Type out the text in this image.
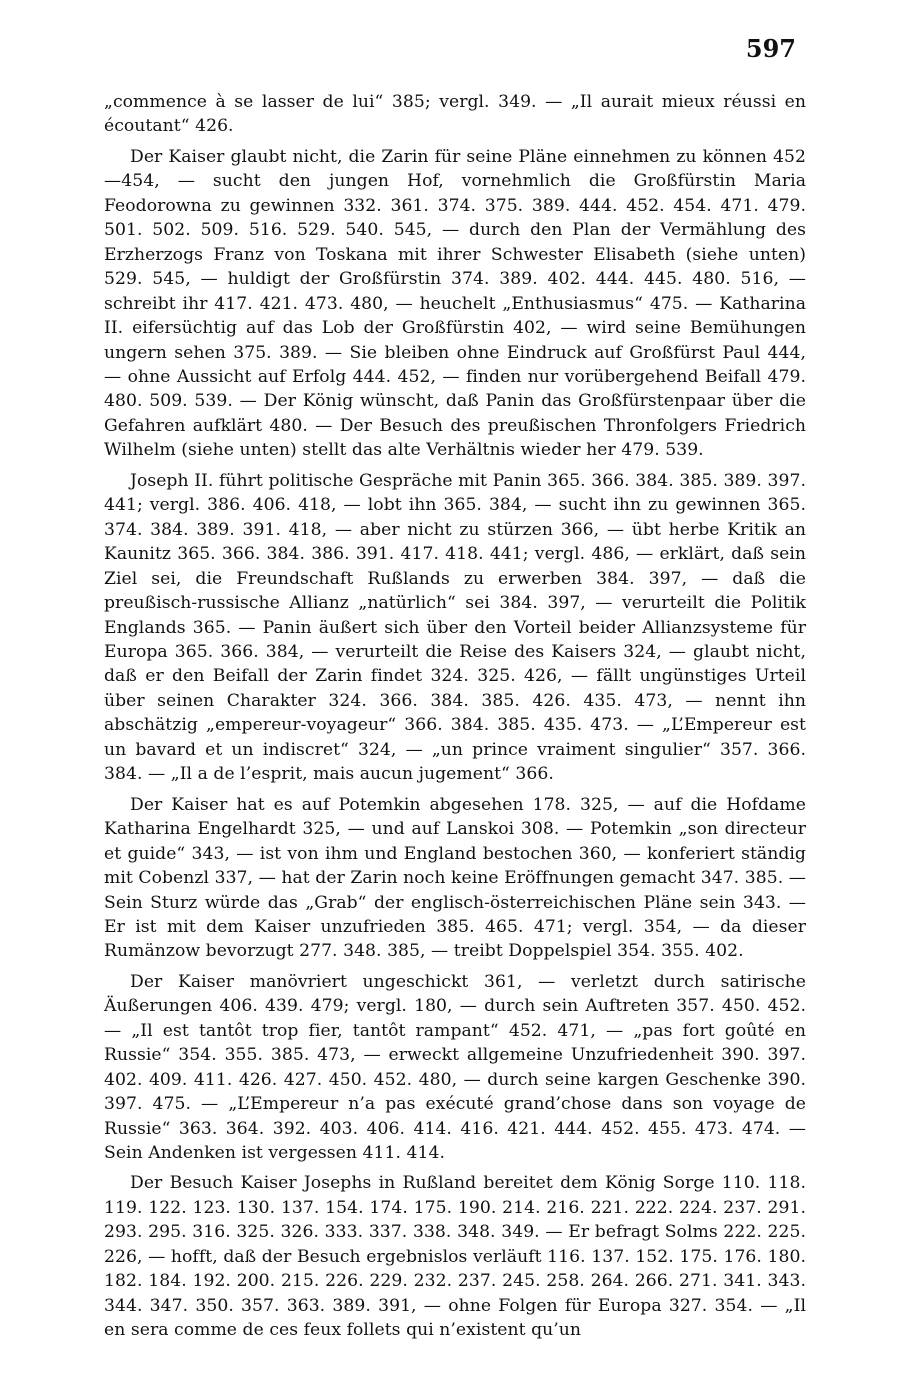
597

„commence à se lasser de lui“ 385; vergl. 349. — „Il aurait mieux réussi en écoutant“ 426.

Der Kaiser glaubt nicht, die Zarin für seine Pläne einnehmen zu können 452—454, — sucht den jungen Hof, vornehmlich die Großfürstin Maria Feodorowna zu gewinnen 332. 361. 374. 375. 389. 444. 452. 454. 471. 479. 501. 502. 509. 516. 529. 540. 545, — durch den Plan der Vermählung des Erzherzogs Franz von Toskana mit ihrer Schwester Elisabeth (siehe unten) 529. 545, — huldigt der Großfürstin 374. 389. 402. 444. 445. 480. 516, — schreibt ihr 417. 421. 473. 480, — heuchelt „Enthusiasmus“ 475. — Katharina II. eifersüchtig auf das Lob der Großfürstin 402, — wird seine Bemühungen ungern sehen 375. 389. — Sie bleiben ohne Eindruck auf Großfürst Paul 444, — ohne Aussicht auf Erfolg 444. 452, — finden nur vorübergehend Beifall 479. 480. 509. 539. — Der König wünscht, daß Panin das Großfürstenpaar über die Gefahren aufklärt 480. — Der Besuch des preußischen Thronfolgers Friedrich Wilhelm (siehe unten) stellt das alte Verhältnis wieder her 479. 539.

Joseph II. führt politische Gespräche mit Panin 365. 366. 384. 385. 389. 397. 441; vergl. 386. 406. 418, — lobt ihn 365. 384, — sucht ihn zu gewinnen 365. 374. 384. 389. 391. 418, — aber nicht zu stürzen 366, — übt herbe Kritik an Kaunitz 365. 366. 384. 386. 391. 417. 418. 441; vergl. 486, — erklärt, daß sein Ziel sei, die Freundschaft Rußlands zu erwerben 384. 397, — daß die preußisch-russische Allianz „natürlich“ sei 384. 397, — verurteilt die Politik Englands 365. — Panin äußert sich über den Vorteil beider Allianzsysteme für Europa 365. 366. 384, — verurteilt die Reise des Kaisers 324, — glaubt nicht, daß er den Beifall der Zarin findet 324. 325. 426, — fällt ungünstiges Urteil über seinen Charakter 324. 366. 384. 385. 426. 435. 473, — nennt ihn abschätzig „empereur-voyageur“ 366. 384. 385. 435. 473. — „L’Empereur est un bavard et un indiscret“ 324, — „un prince vraiment singulier“ 357. 366. 384. — „Il a de l’esprit, mais aucun jugement“ 366.

Der Kaiser hat es auf Potemkin abgesehen 178. 325, — auf die Hofdame Katharina Engelhardt 325, — und auf Lanskoi 308. — Potemkin „son directeur et guide“ 343, — ist von ihm und England bestochen 360, — konferiert ständig mit Cobenzl 337, — hat der Zarin noch keine Eröffnungen gemacht 347. 385. — Sein Sturz würde das „Grab“ der englisch-österreichischen Pläne sein 343. — Er ist mit dem Kaiser unzufrieden 385. 465. 471; vergl. 354, — da dieser Rumänzow bevorzugt 277. 348. 385, — treibt Doppelspiel 354. 355. 402.

Der Kaiser manövriert ungeschickt 361, — verletzt durch satirische Äußerungen 406. 439. 479; vergl. 180, — durch sein Auftreten 357. 450. 452. — „Il est tantôt trop fier, tantôt rampant“ 452. 471, — „pas fort goûté en Russie“ 354. 355. 385. 473, — erweckt allgemeine Unzufriedenheit 390. 397. 402. 409. 411. 426. 427. 450. 452. 480, — durch seine kargen Geschenke 390. 397. 475. — „L’Empereur n’a pas exécuté grand’chose dans son voyage de Russie“ 363. 364. 392. 403. 406. 414. 416. 421. 444. 452. 455. 473. 474. — Sein Andenken ist vergessen 411. 414.

Der Besuch Kaiser Josephs in Rußland bereitet dem König Sorge 110. 118. 119. 122. 123. 130. 137. 154. 174. 175. 190. 214. 216. 221. 222. 224. 237. 291. 293. 295. 316. 325. 326. 333. 337. 338. 348. 349. — Er befragt Solms 222. 225. 226, — hofft, daß der Besuch ergebnislos verläuft 116. 137. 152. 175. 176. 180. 182. 184. 192. 200. 215. 226. 229. 232. 237. 245. 258. 264. 266. 271. 341. 343. 344. 347. 350. 357. 363. 389. 391, — ohne Folgen für Europa 327. 354. — „Il en sera comme de ces feux follets qui n’existent qu’un
